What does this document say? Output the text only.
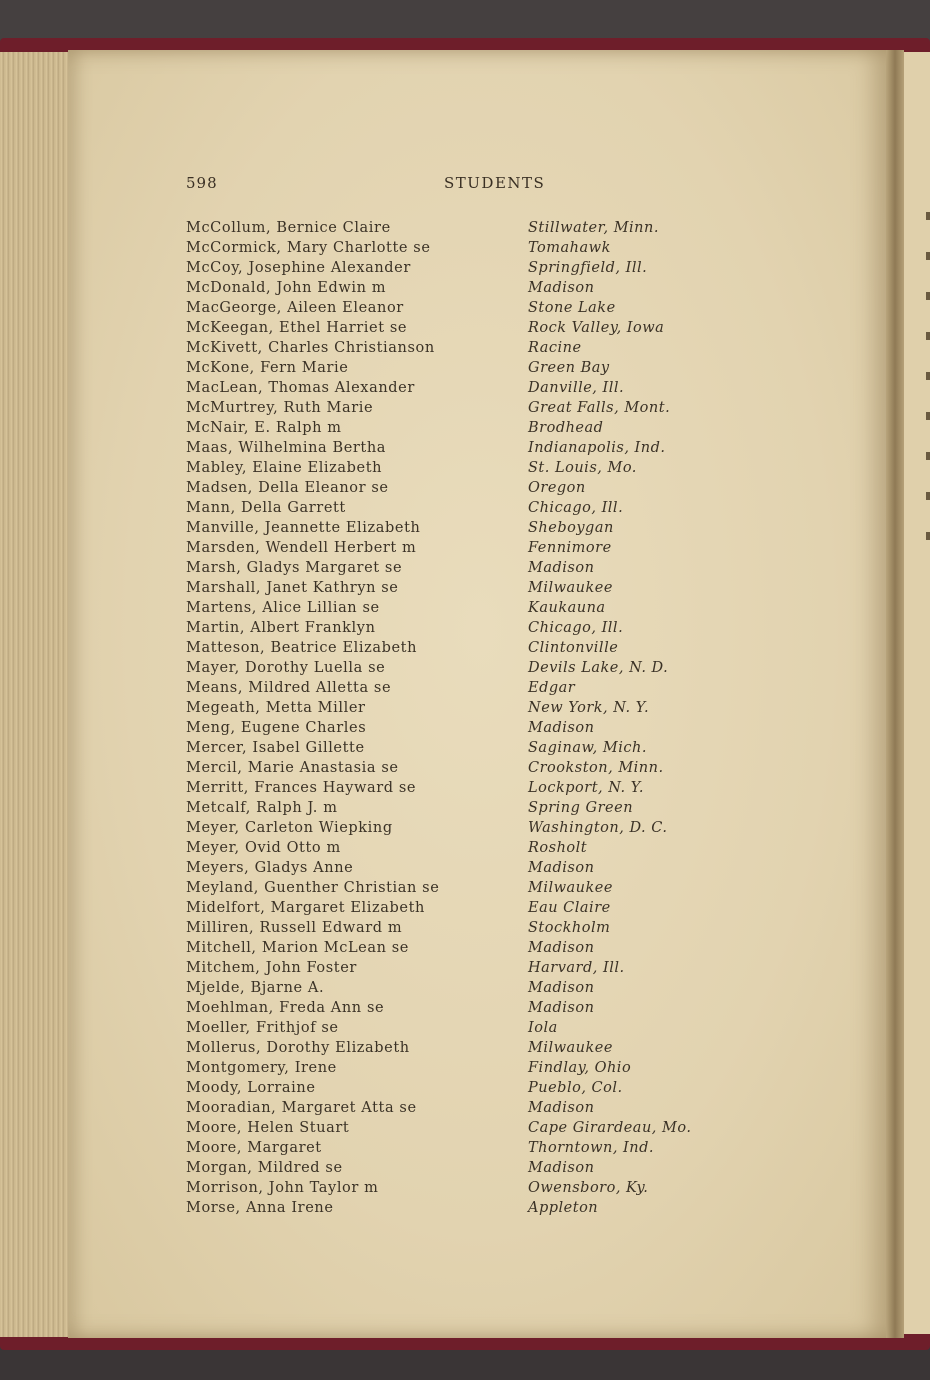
598	STUDENTS
McCollum, Bernice Claire	Stillwater, Minn.
McCormick, Mary Charlotte se	Tomahawk
McCoy, Josephine Alexander	Springfield, Ill.
McDonald, John Edwin m	Madison
MacGeorge, Aileen Eleanor	Stone Lake
McKeegan, Ethel Harriet se	Rock Valley, Iowa
McKivett, Charles Christianson	Racine
McKone, Fern Marie	Green Bay
MacLean, Thomas Alexander	Danville, Ill.
McMurtrey, Ruth Marie	Great Falls, Mont.
McNair, E. Ralph m	Brodhead
Maas, Wilhelmina Bertha	Indianapolis, Ind.
Mabley, Elaine Elizabeth	St. Louis, Mo.
Madsen, Della Eleanor se	Oregon
Mann, Della Garrett	Chicago, Ill.
Manville, Jeannette Elizabeth	Sheboygan
Marsden, Wendell Herbert m	Fennimore
Marsh, Gladys Margaret se	Madison
Marshall, Janet Kathryn se	Milwaukee
Martens, Alice Lillian se	Kaukauna
Martin, Albert Franklyn	Chicago, Ill.
Matteson, Beatrice Elizabeth	Clintonville
Mayer, Dorothy Luella se	Devils Lake, N. D.
Means, Mildred Alletta se	Edgar
Megeath, Metta Miller	New York, N. Y.
Meng, Eugene Charles	Madison
Mercer, Isabel Gillette	Saginaw, Mich.
Mercil, Marie Anastasia se	Crookston, Minn.
Merritt, Frances Hayward se	Lockport, N. Y.
Metcalf, Ralph J. m	Spring Green
Meyer, Carleton Wiepking	Washington, D. C.
Meyer, Ovid Otto m	Rosholt
Meyers, Gladys Anne	Madison
Meyland, Guenther Christian se	Milwaukee
Midelfort, Margaret Elizabeth	Eau Claire
Milliren, Russell Edward m	Stockholm
Mitchell, Marion McLean se	Madison
Mitchem, John Foster	Harvard, Ill.
Mjelde, Bjarne A.	Madison
Moehlman, Freda Ann se	Madison
Moeller, Frithjof se	Iola
Mollerus, Dorothy Elizabeth	Milwaukee
Montgomery, Irene	Findlay, Ohio
Moody, Lorraine	Pueblo, Col.
Mooradian, Margaret Atta se	Madison
Moore, Helen Stuart	Cape Girardeau, Mo.
Moore, Margaret	Thorntown, Ind.
Morgan, Mildred se	Madison
Morrison, John Taylor m	Owensboro, Ky.
Morse, Anna Irene	Appleton
